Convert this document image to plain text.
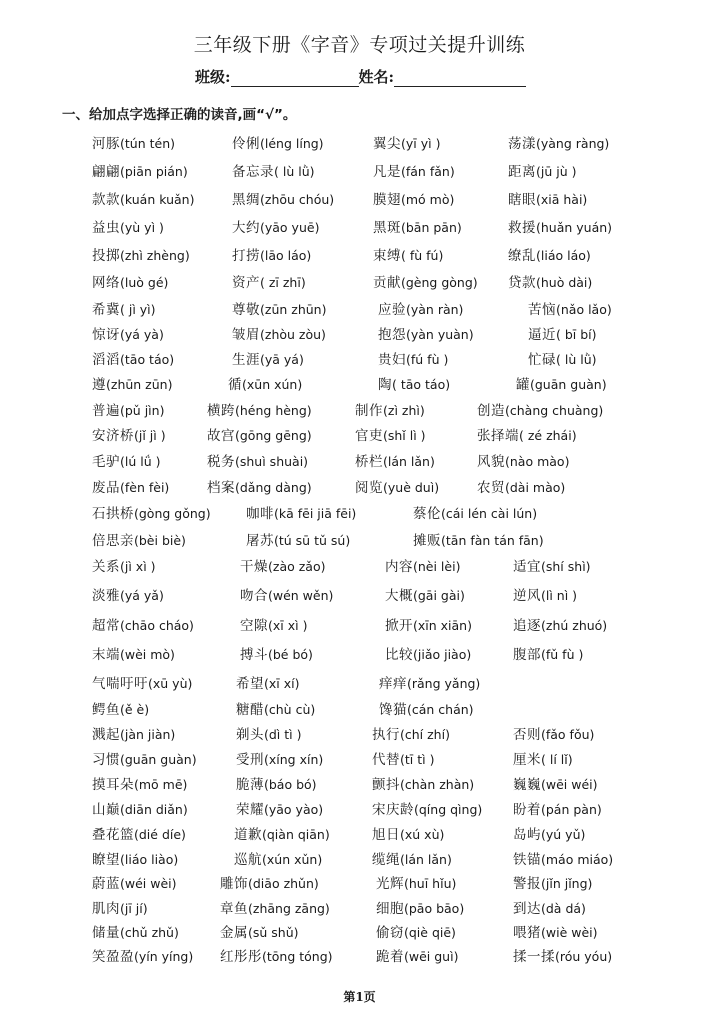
三年级下册《字音》专项过关提升训练
班级:	姓名:
一、给加点字选择正确的读音,画“√”。
河豚(tún tén)	伶俐(léng líng)	翼尖(yī yì )	荡漾(yàng ràng)
翩翩(piān pián)	备忘录( lù lǜ)	凡是(fán fǎn)	距离(jū jù )
款款(kuán kuǎn)	黑绸(zhōu chóu)	膜翅(mó mò)	瞎眼(xiā hài)
益虫(yù yì )	大约(yāo yuē)	黑斑(bān pān)	救援(huǎn yuán)
投掷(zhì zhèng)	打捞(lāo láo)	束缚( fù fú)	缭乱(liáo láo)
网络(luò gé)	资产( zī zhī)	贡献(gèng gòng) 贷款(huò dài)
希冀( jì yì)	尊敬(zūn zhūn)	应验(yàn ràn)	苦恼(nǎo lǎo)
惊讶(yá yà)	皱眉(zhòu zòu)	抱怨(yàn yuàn)	逼近( bī bí)
滔滔(tāo táo)	生涯(yā yá)	贵妇(fú fù )	忙碌( lù lǜ)
遵(zhūn zūn)	循(xūn xún)	陶( tāo táo)	罐(guān guàn)
普遍(pǔ jìn)	横跨(héng hèng)	制作(zì zhì)	创造(chàng chuàng)
安济桥(jǐ jì )	故宫(gōng gēng)	官吏(shǐ lì )	张择端( zé zhái)
毛驴(lú lǘ )	税务(shuì shuài)	桥栏(lán lǎn)	风貌(nào mào)
废品(fèn fèi)	档案(dǎng dàng)	阅览(yuè duì)	农贸(dài mào)
石拱桥(gòng gǒng)	咖啡(kā fēi jiā fēi)	蔡伦(cái lén cài lún)
倍思亲(bèi biè)	屠苏(tú sū tǔ sú)	摊贩(tān fàn tán fān)
关系(jì xì )	干燥(zào zǎo)	内容(nèi lèi)	适宜(shí shì)
淡雅(yá yǎ)	吻合(wén wěn)	大概(gāi gài)	逆风(lì nì )
超常(chāo cháo)	空隙(xī xì )	掀开(xīn xiān)	追逐(zhú zhuó)
末端(wèi mò)	搏斗(bé bó)	比较(jiǎo jiào)	腹部(fǔ fù )
气喘吁吁(xū yù)	希望(xī xí)	痒痒(rǎng yǎng)
鳄鱼(ě è)	糖醋(chù cù)	馋猫(cán chán)
溅起(jàn jiàn)	剃头(dì tì )	执行(chí zhí)	否则(fǎo fǒu)
习惯(guān guàn)	受刑(xíng xín)	代替(tī tì )	厘米( lí lǐ)
摸耳朵(mō mē)	脆薄(báo bó)	颤抖(chàn zhàn)	巍巍(wēi wéi)
山巅(diān diǎn)	荣耀(yāo yào)	宋庆龄(qíng qìng) 盼着(pán pàn)
叠花篮(dié díe)	道歉(qiàn qiān)	旭日(xú xù)	岛屿(yú yǔ)
瞭望(liáo liào)	巡航(xún xǔn)	缆绳(lán lǎn)	铁锚(máo miáo)
蔚蓝(wéi wèi)	雕饰(diāo zhǔn)	光辉(huī hǐu)	警报(jǐn jǐng)
肌肉(jī jí)	章鱼(zhāng zāng)	细胞(pāo bāo)	到达(dà dá)
储量(chǔ zhǔ)	金属(sǔ shǔ)	偷窃(qiè qiē)	喂猪(wiè wèi)
笑盈盈(yín yíng) 红彤彤(tōng tóng)	跪着(wēi guì)	揉一揉(róu yóu)
第1页
